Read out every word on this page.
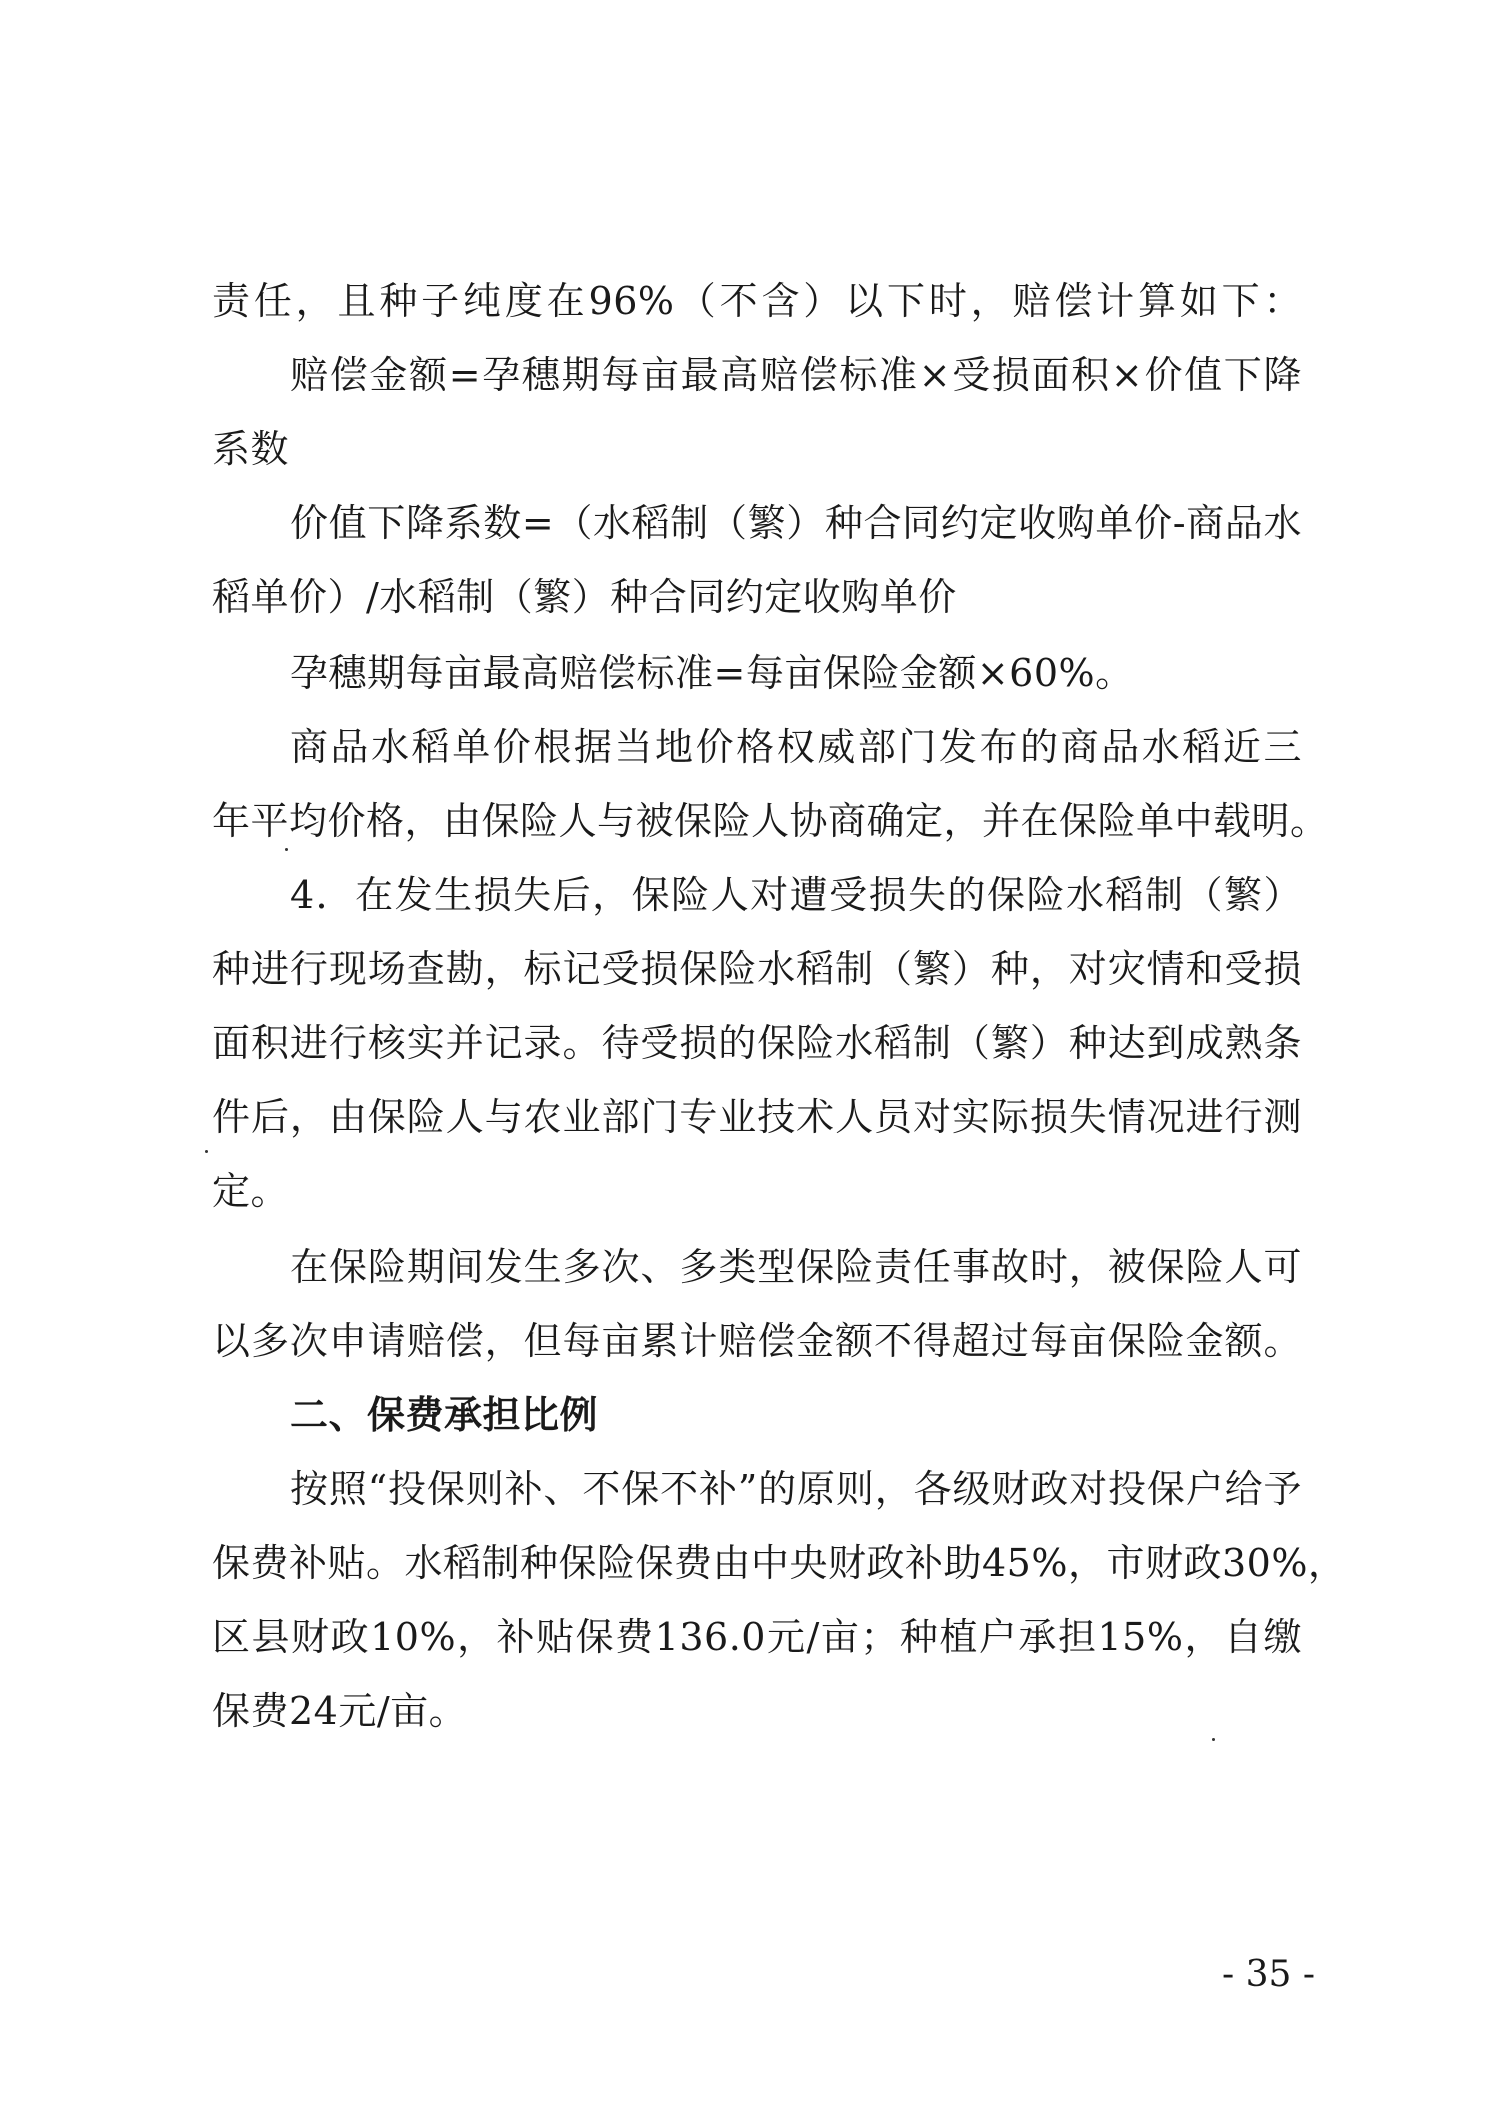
责任，且种子纯度在96%（不含）以下时，赔偿计算如下：
赔偿金额=孕穗期每亩最高赔偿标准×受损面积×价值下降
系数
价值下降系数=（水稻制（繁）种合同约定收购单价-商品水
稻单价）/水稻制（繁）种合同约定收购单价
孕穗期每亩最高赔偿标准=每亩保险金额×60%。
商品水稻单价根据当地价格权威部门发布的商品水稻近三
年平均价格，由保险人与被保险人协商确定，并在保险单中载明。
4．在发生损失后，保险人对遭受损失的保险水稻制（繁）
种进行现场查勘，标记受损保险水稻制（繁）种，对灾情和受损
面积进行核实并记录。待受损的保险水稻制（繁）种达到成熟条
件后，由保险人与农业部门专业技术人员对实际损失情况进行测
定。
在保险期间发生多次、多类型保险责任事故时，被保险人可
以多次申请赔偿，但每亩累计赔偿金额不得超过每亩保险金额。
二、保费承担比例
按照“投保则补、不保不补”的原则，各级财政对投保户给予
保费补贴。水稻制种保险保费由中央财政补助45%，市财政30%，
区县财政10%，补贴保费136.0元/亩；种植户承担15%，自缴
保费24元/亩。
- 35 -
